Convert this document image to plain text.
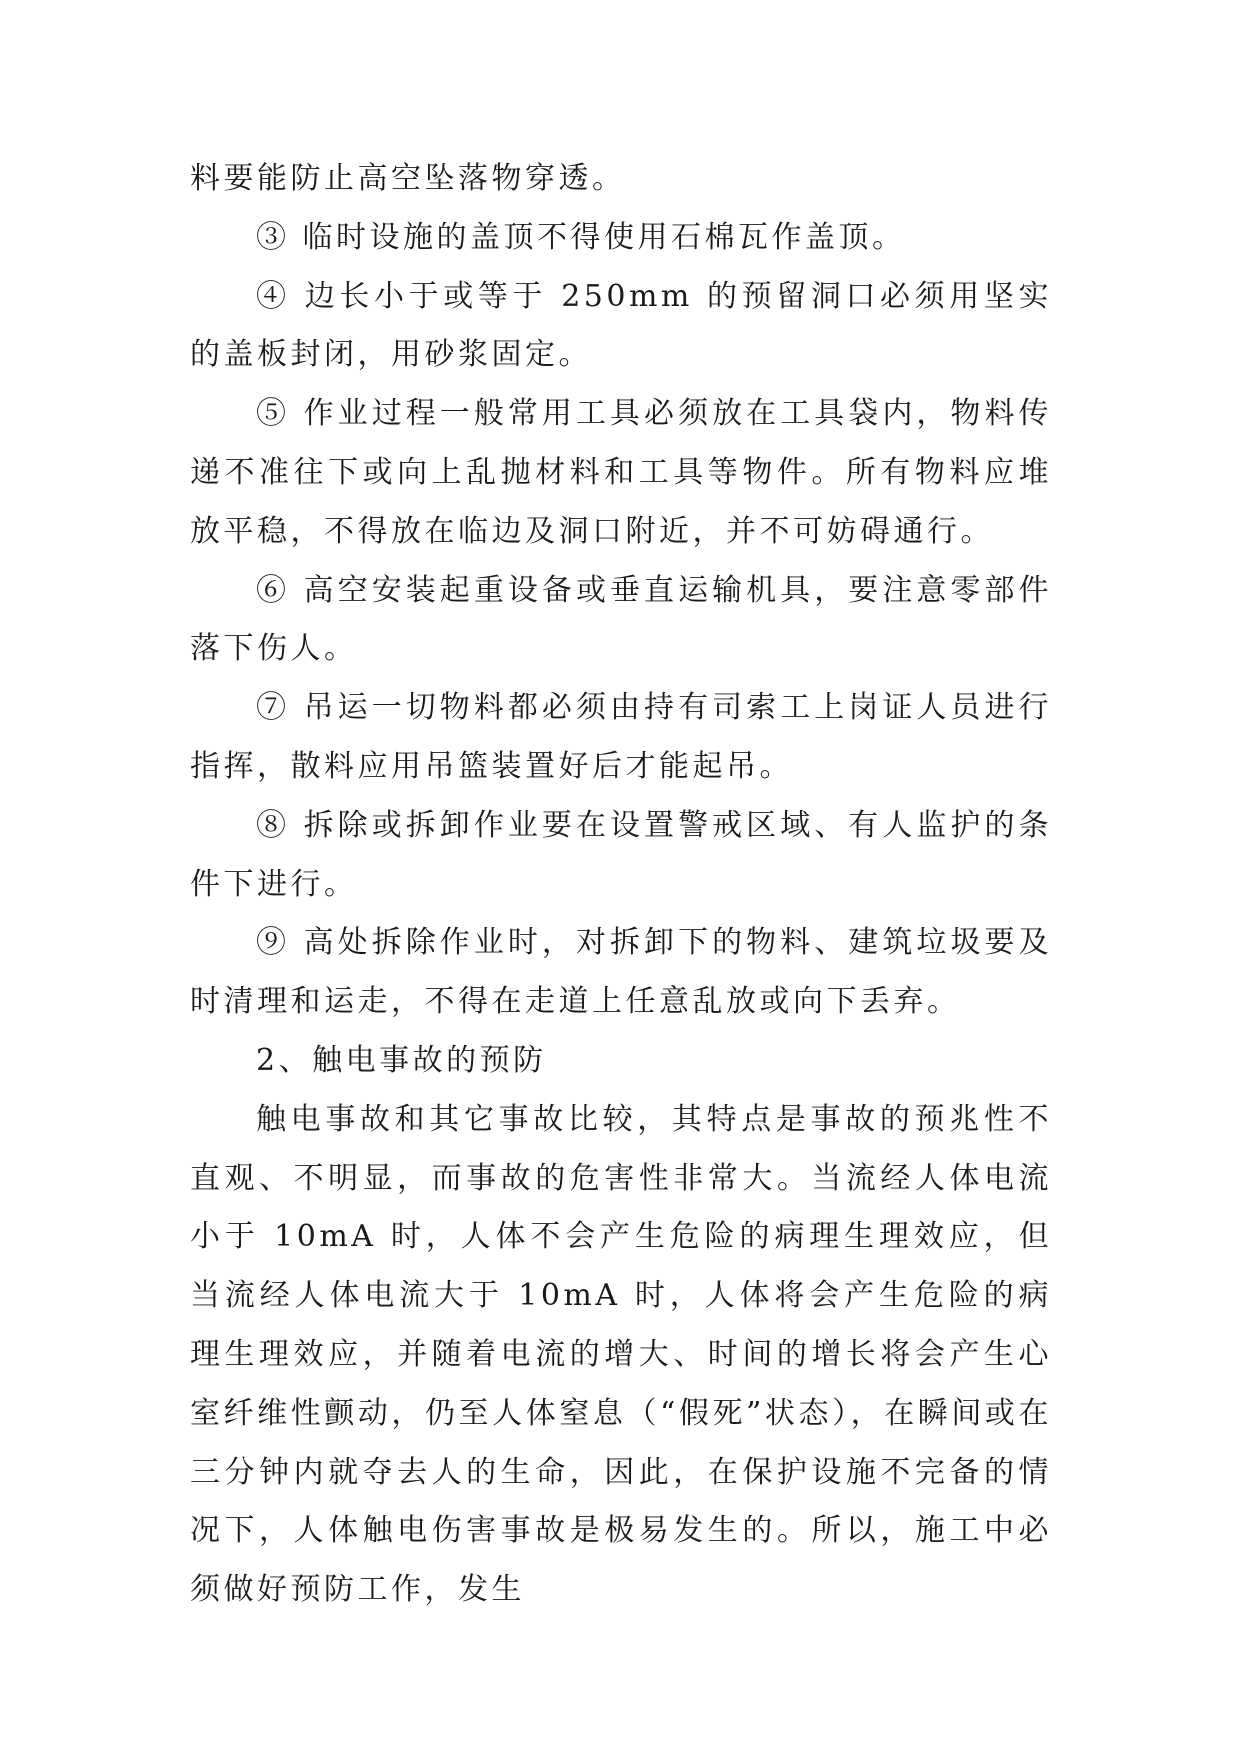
料要能防止高空坠落物穿透。

③ 临时设施的盖顶不得使用石棉瓦作盖顶。

④ 边长小于或等于 250mm 的预留洞口必须用坚实的盖板封闭，用砂浆固定。

⑤ 作业过程一般常用工具必须放在工具袋内，物料传递不准往下或向上乱抛材料和工具等物件。所有物料应堆放平稳，不得放在临边及洞口附近，并不可妨碍通行。

⑥ 高空安装起重设备或垂直运输机具，要注意零部件落下伤人。

⑦ 吊运一切物料都必须由持有司索工上岗证人员进行指挥，散料应用吊篮装置好后才能起吊。

⑧ 拆除或拆卸作业要在设置警戒区域、有人监护的条件下进行。

⑨ 高处拆除作业时，对拆卸下的物料、建筑垃圾要及时清理和运走，不得在走道上任意乱放或向下丢弃。

2、触电事故的预防

触电事故和其它事故比较，其特点是事故的预兆性不直观、不明显，而事故的危害性非常大。当流经人体电流小于 10mA 时，人体不会产生危险的病理生理效应，但当流经人体电流大于 10mA 时，人体将会产生危险的病理生理效应，并随着电流的增大、时间的增长将会产生心室纤维性颤动，仍至人体窒息（“假死”状态），在瞬间或在三分钟内就夺去人的生命，因此，在保护设施不完备的情况下，人体触电伤害事故是极易发生的。所以，施工中必须做好预防工作，发生
